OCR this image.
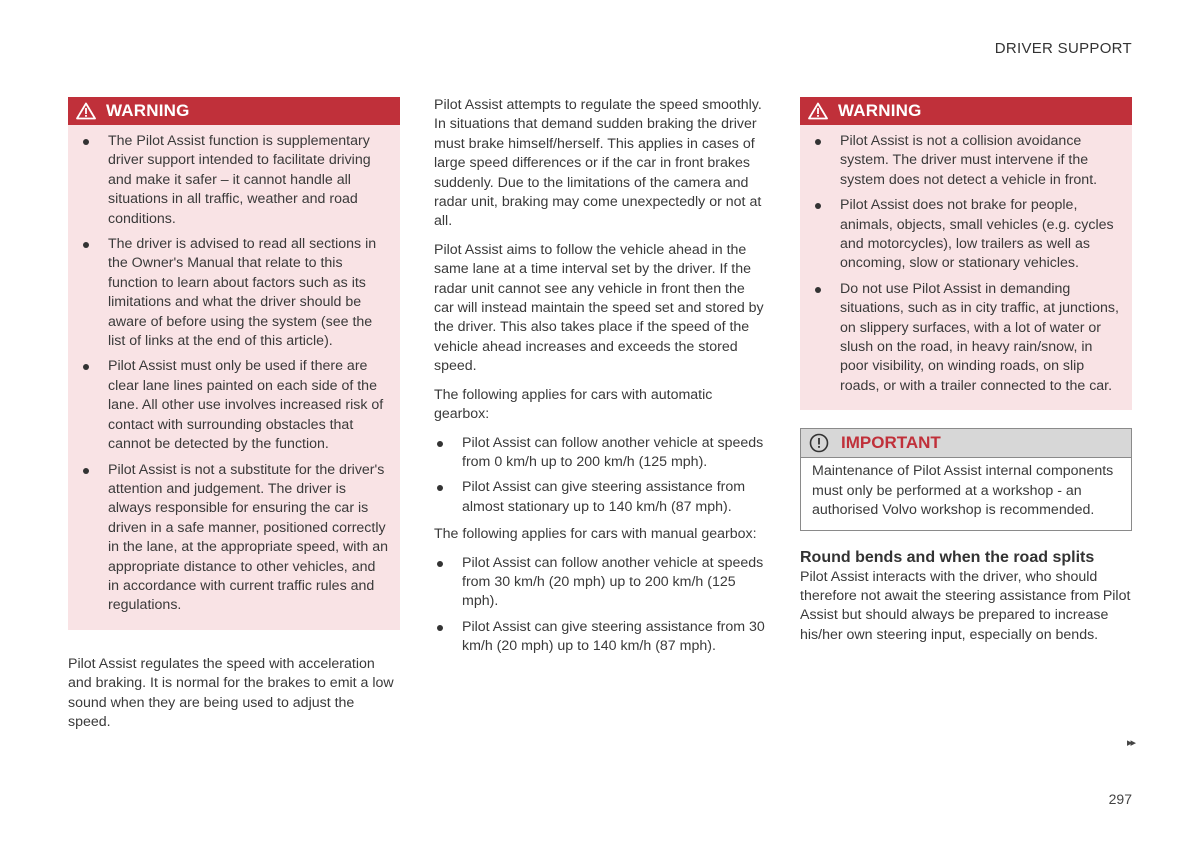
DRIVER SUPPORT
WARNING
The Pilot Assist function is supplementary driver support intended to facilitate driving and make it safer – it cannot handle all situations in all traffic, weather and road conditions.
The driver is advised to read all sections in the Owner's Manual that relate to this function to learn about factors such as its limitations and what the driver should be aware of before using the system (see the list of links at the end of this article).
Pilot Assist must only be used if there are clear lane lines painted on each side of the lane. All other use involves increased risk of contact with surrounding obstacles that cannot be detected by the function.
Pilot Assist is not a substitute for the driver's attention and judgement. The driver is always responsible for ensuring the car is driven in a safe manner, positioned correctly in the lane, at the appropriate speed, with an appropriate distance to other vehicles, and in accordance with current traffic rules and regulations.

Pilot Assist regulates the speed with acceleration and braking. It is normal for the brakes to emit a low sound when they are being used to adjust the speed.

Pilot Assist attempts to regulate the speed smoothly. In situations that demand sudden braking the driver must brake himself/herself. This applies in cases of large speed differences or if the car in front brakes suddenly. Due to the limitations of the camera and radar unit, braking may come unexpectedly or not at all.

Pilot Assist aims to follow the vehicle ahead in the same lane at a time interval set by the driver. If the radar unit cannot see any vehicle in front then the car will instead maintain the speed set and stored by the driver. This also takes place if the speed of the vehicle ahead increases and exceeds the stored speed.

The following applies for cars with automatic gearbox:

Pilot Assist can follow another vehicle at speeds from 0 km/h up to 200 km/h (125 mph).
Pilot Assist can give steering assistance from almost stationary up to 140 km/h (87 mph).

The following applies for cars with manual gearbox:

Pilot Assist can follow another vehicle at speeds from 30 km/h (20 mph) up to 200 km/h (125 mph).
Pilot Assist can give steering assistance from 30 km/h (20 mph) up to 140 km/h (87 mph).
WARNING
Pilot Assist is not a collision avoidance system. The driver must intervene if the system does not detect a vehicle in front.
Pilot Assist does not brake for people, animals, objects, small vehicles (e.g. cycles and motorcycles), low trailers as well as oncoming, slow or stationary vehicles.
Do not use Pilot Assist in demanding situations, such as in city traffic, at junctions, on slippery surfaces, with a lot of water or slush on the road, in heavy rain/snow, in poor visibility, on winding roads, on slip roads, or with a trailer connected to the car.
IMPORTANT
Maintenance of Pilot Assist internal components must only be performed at a workshop - an authorised Volvo workshop is recommended.
Round bends and when the road splits

Pilot Assist interacts with the driver, who should therefore not await the steering assistance from Pilot Assist but should always be prepared to increase his/her own steering input, especially on bends.

▸▸
297
